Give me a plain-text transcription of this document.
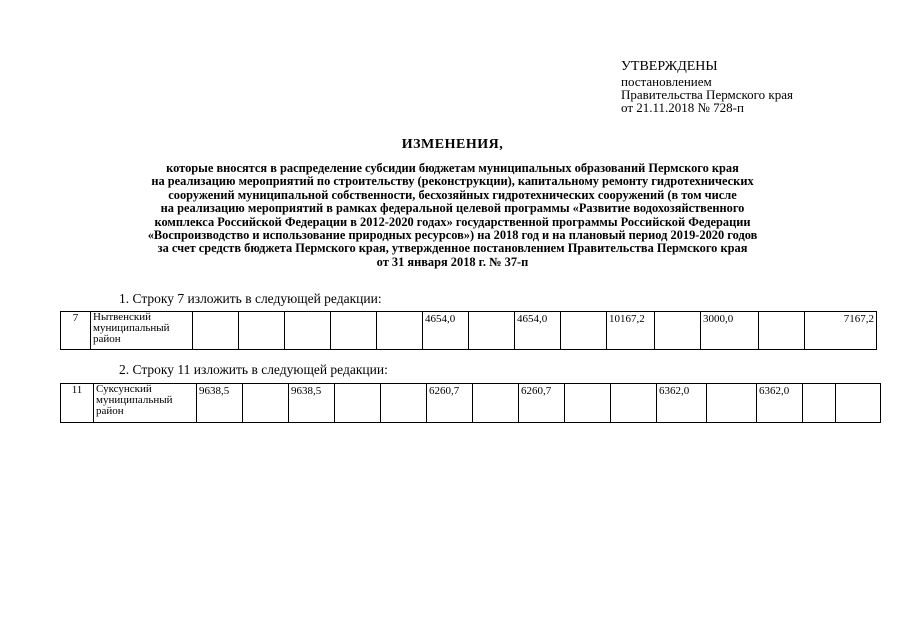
УТВЕРЖДЕНЫ
постановлением
Правительства Пермского края
от 21.11.2018 № 728-п
ИЗМЕНЕНИЯ,
которые вносятся в распределение субсидии бюджетам муниципальных образований Пермского края
на реализацию мероприятий по строительству (реконструкции), капитальному ремонту гидротехнических
сооружений муниципальной собственности, бесхозяйных гидротехнических сооружений (в том числе
на реализацию мероприятий в рамках федеральной целевой программы «Развитие водохозяйственного
комплекса Российской Федерации в 2012-2020 годах» государственной программы Российской Федерации
«Воспроизводство и использование природных ресурсов») на 2018 год и на плановый период 2019-2020 годов
за счет средств бюджета Пермского края, утвержденное постановлением Правительства Пермского края
от 31 января 2018 г. № 37-п
1. Строку 7 изложить в следующей редакции:
7	Нытвенский муниципальный район						4654,0		4654,0		10167,2		3000,0		7167,2
2. Строку 11 изложить в следующей редакции:
11	Суксунский муниципальный район	9638,5		9638,5			6260,7		6260,7			6362,0		6362,0		
